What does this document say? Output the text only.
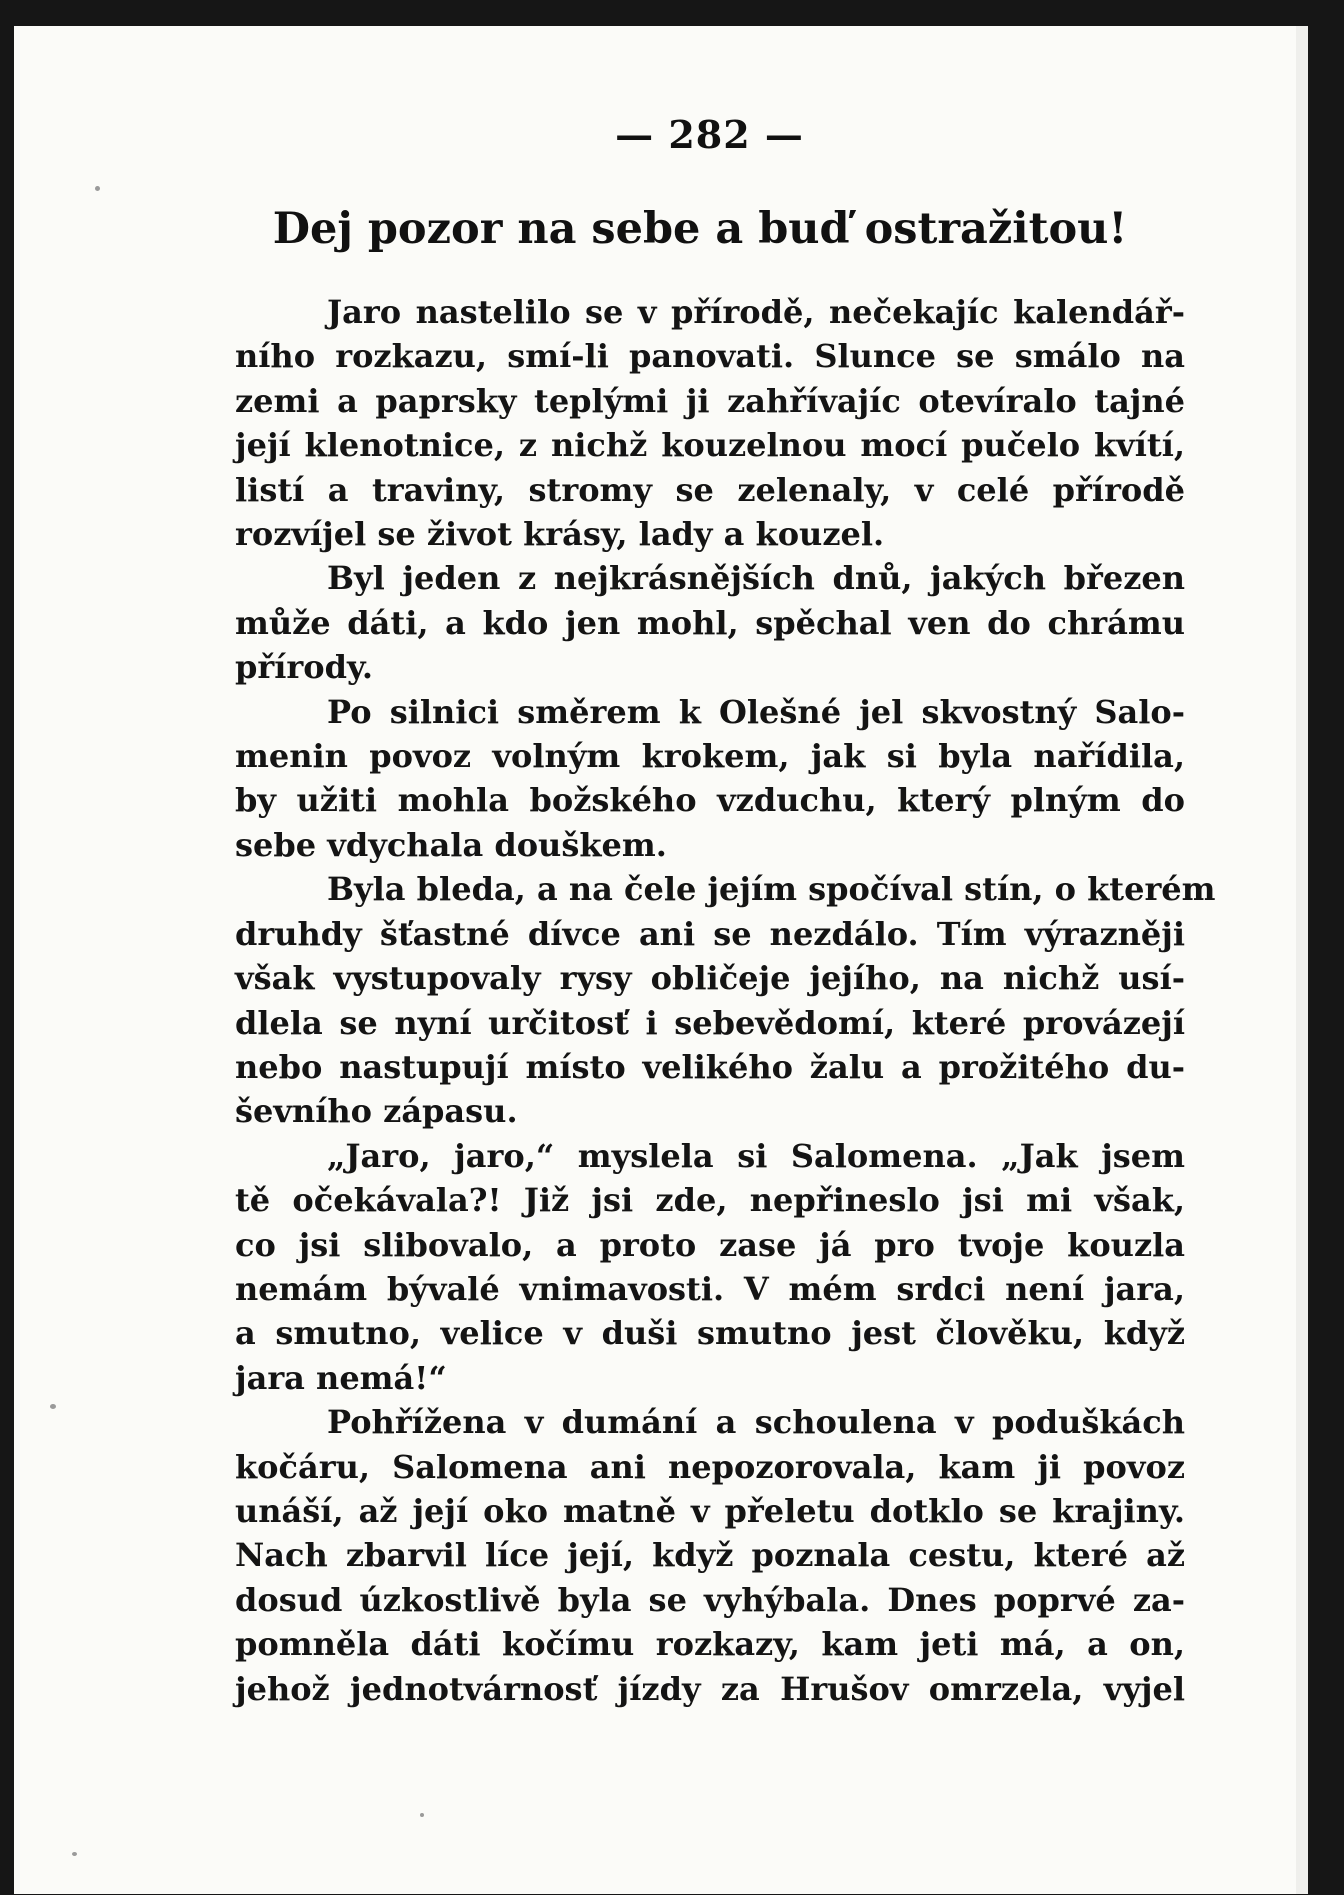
— 282 —
Dej pozor na sebe a buď ostražitou!
Jaro nastelilo se v přírodě, nečekajíc kalendář-
ního rozkazu, smí-li panovati. Slunce se smálo na
zemi a paprsky teplými ji zahřívajíc otevíralo tajné
její klenotnice, z nichž kouzelnou mocí pučelo kvítí,
listí a traviny, stromy se zelenaly, v celé přírodě
rozvíjel se život krásy, lady a kouzel.
Byl jeden z nejkrásnějších dnů, jakých březen
může dáti, a kdo jen mohl, spěchal ven do chrámu
přírody.
Po silnici směrem k Olešné jel skvostný Salo-
menin povoz volným krokem, jak si byla nařídila,
by užiti mohla božského vzduchu, který plným do
sebe vdychala douškem.
Byla bleda, a na čele jejím spočíval stín, o kterém
druhdy šťastné dívce ani se nezdálo. Tím výrazněji
však vystupovaly rysy obličeje jejího, na nichž usí-
dlela se nyní určitosť i sebevědomí, které provázejí
nebo nastupují místo velikého žalu a prožitého du-
ševního zápasu.
„Jaro, jaro,“ myslela si Salomena. „Jak jsem
tě očekávala?! Již jsi zde, nepřineslo jsi mi však,
co jsi slibovalo, a proto zase já pro tvoje kouzla
nemám bývalé vnimavosti. V mém srdci není jara,
a smutno, velice v duši smutno jest člověku, když
jara nemá!“
Pohřížena v dumání a schoulena v poduškách
kočáru, Salomena ani nepozorovala, kam ji povoz
unáší, až její oko matně v přeletu dotklo se krajiny.
Nach zbarvil líce její, když poznala cestu, které až
dosud úzkostlivě byla se vyhýbala. Dnes poprvé za-
pomněla dáti kočímu rozkazy, kam jeti má, a on,
jehož jednotvárnosť jízdy za Hrušov omrzela, vyjel
